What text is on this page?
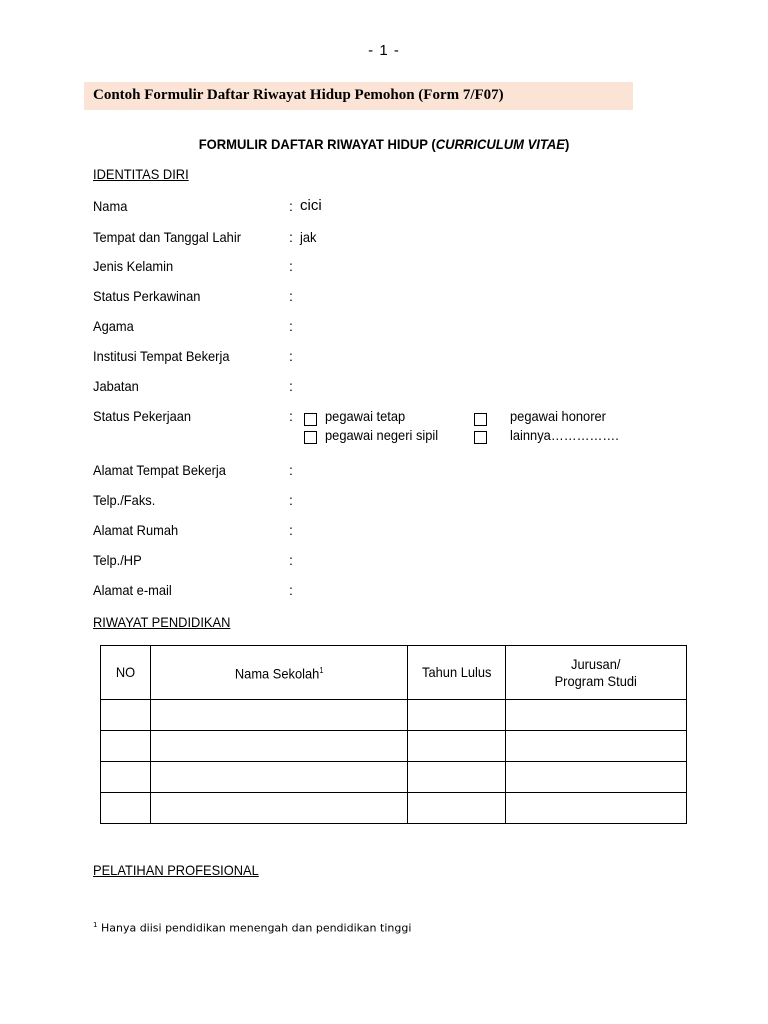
- 1 -
Contoh Formulir Daftar Riwayat Hidup Pemohon (Form 7/F07)
FORMULIR DAFTAR RIWAYAT HIDUP (CURRICULUM VITAE)
IDENTITAS DIRI
Nama	: cici
Tempat dan Tanggal Lahir	: jak
Jenis Kelamin	:
Status Perkawinan	:
Agama	:
Institusi Tempat Bekerja	:
Jabatan	:
Status Pekerjaan	: pegawai tetap
pegawai negeri sipil
pegawai honorer
lainnya…………….
Alamat Tempat Bekerja	:
Telp./Faks.	:
Alamat Rumah	:
Telp./HP	:
Alamat e-mail	:
RIWAYAT PENDIDIKAN
NO	Nama Sekolah$^1$	Tahun Lulus	Jurusan/
Program Studi

PELATIHAN PROFESIONAL
$^1$ Hanya diisi pendidikan menengah dan pendidikan tinggi
